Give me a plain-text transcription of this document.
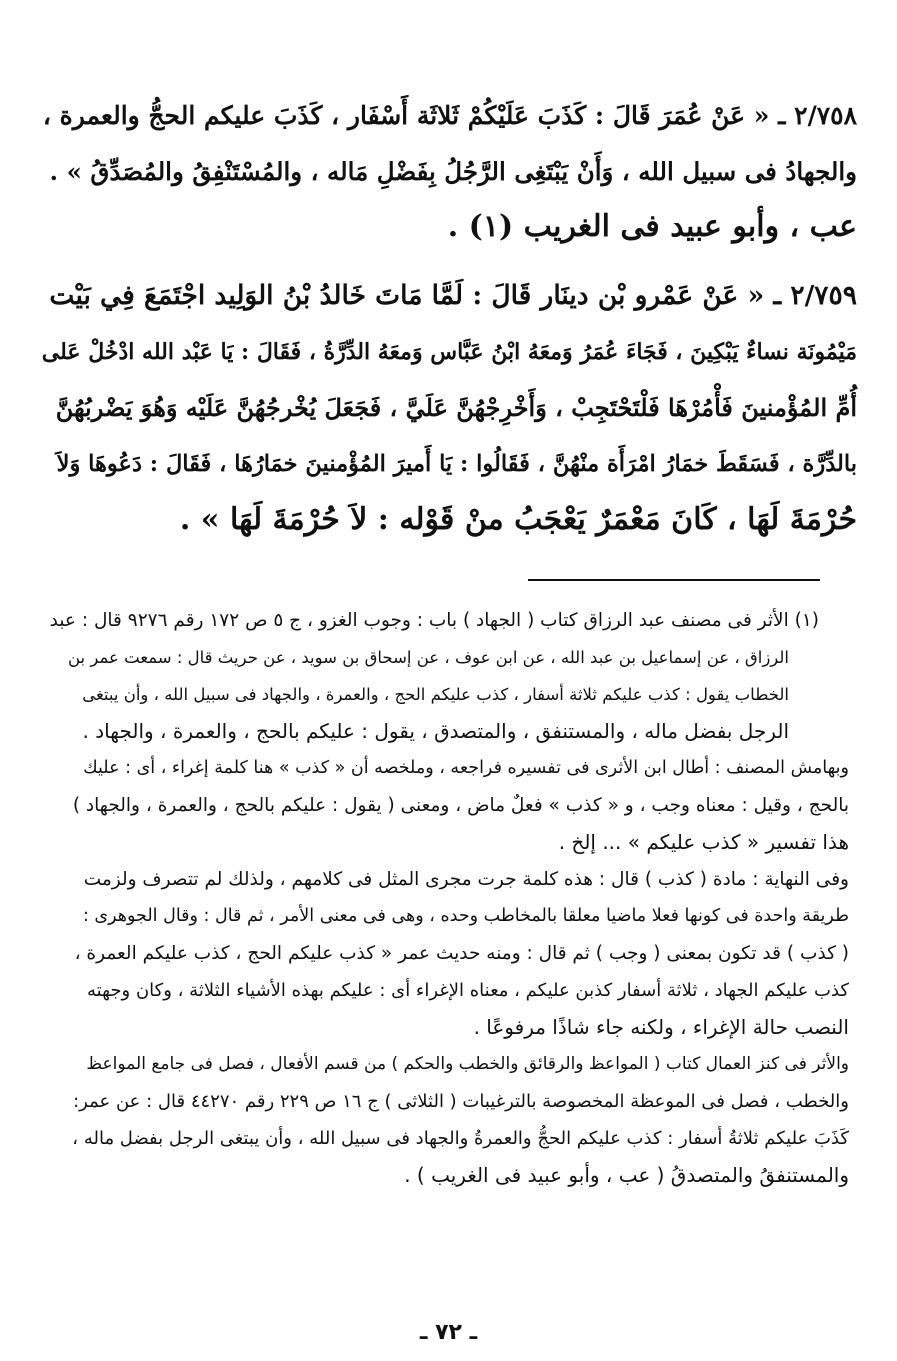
٢/٧٥٨ ـ « عَنْ عُمَرَ قَالَ : كَذَبَ عَلَيْكُمْ ثَلاثَة أَسْفَار ، كَذَبَ عليكم الحجُّ والعمرة ،
والجهادُ فى سبيل الله ، وَأَنْ يَبْتَغِى الرَّجُلُ بِفَضْلِ مَاله ، والمُسْتَنْفِقُ والمُصَدِّقُ » .
عب ، وأبو عبيد فى الغريب (١) .
٢/٧٥٩ ـ « عَنْ عَمْرو بْن دينَار قَالَ : لَمَّا مَاتَ خَالدُ بْنُ الوَلِيد اجْتَمَعَ فِي بَيْت
مَيْمُونَة نساءٌ يَبْكِينَ ، فَجَاءَ عُمَرُ وَمعَهُ ابْنُ عَبَّاس وَمعَهُ الدِّرَّةُ ، فَقَالَ : يَا عَبْد الله ادْخُلْ عَلى
أُمِّ المُؤْمنينَ فَأْمُرْهَا فَلْتَحْتَجِبْ ، وَأَخْرِجْهُنَّ عَلَيَّ ، فَجَعَلَ يُخْرجُهُنَّ عَلَيْه وَهُوَ يَضْربُهُنَّ
بالدِّرَّة ، فَسَقَطَ خمَارُ امْرَأَة منْهُنَّ ، فَقَالُوا : يَا أَميرَ المُؤْمنينَ خمَارُهَا ، فَقَالَ : دَعُوهَا وَلاَ
حُرْمَةَ لَهَا ، كَانَ مَعْمَرٌ يَعْجَبُ منْ قَوْله : لاَ حُرْمَةَ لَهَا » .
(١) الأثر فى مصنف عبد الرزاق كتاب ( الجهاد ) باب : وجوب الغزو ، ج ٥ ص ١٧٢ رقم ٩٢٧٦ قال : عبد
الرزاق ، عن إسماعيل بن عبد الله ، عن ابن عوف ، عن إسحاق بن سويد ، عن حريث قال : سمعت عمر بن
الخطاب يقول : كذب عليكم ثلاثة أسفار ، كذب عليكم الحج ، والعمرة ، والجهاد فى سبيل الله ، وأن يبتغى
الرجل بفضل ماله ، والمستنفق ، والمتصدق ، يقول : عليكم بالحج ، والعمرة ، والجهاد .
وبهامش المصنف : أطال ابن الأثرى فى تفسيره فراجعه ، وملخصه أن « كذب » هنا كلمة إغراء ، أى : عليك
بالحج ، وقيل : معناه وجب ، و « كذب » فعلٌ ماض ، ومعنى ( يقول : عليكم بالحج ، والعمرة ، والجهاد )
هذا تفسير « كذب عليكم » ... إلخ .
وفى النهاية : مادة ( كذب ) قال : هذه كلمة جرت مجرى المثل فى كلامهم ، ولذلك لم تتصرف ولزمت
طريقة واحدة فى كونها فعلا ماضيا معلقا بالمخاطب وحده ، وهى فى معنى الأمر ، ثم قال : وقال الجوهرى :
( كذب ) قد تكون بمعنى ( وجب ) ثم قال : ومنه حديث عمر « كذب عليكم الحج ، كذب عليكم العمرة ،
كذب عليكم الجهاد ، ثلاثة أسفار كذبن عليكم ، معناه الإغراء أى : عليكم بهذه الأشياء الثلاثة ، وكان وجهته
النصب حالة الإغراء ، ولكنه جاء شاذًا مرفوعًا .
والأثر فى كنز العمال كتاب ( المواعظ والرقائق والخطب والحكم ) من قسم الأفعال ، فصل فى جامع المواعظ
والخطب ، فصل فى الموعظة المخصوصة بالترغيبات ( الثلاثى ) ج ١٦ ص ٢٢٩ رقم ٤٤٢٧٠ قال : عن عمر:
كَذَبَ عليكم ثلاثةُ أسفار : كذب عليكم الحجُّ والعمرةُ والجهاد فى سبيل الله ، وأن يبتغى الرجل بفضل ماله ،
والمستنفقُ والمتصدقُ ( عب ، وأبو عبيد فى الغريب ) .
ـ ٧٢ ـ
